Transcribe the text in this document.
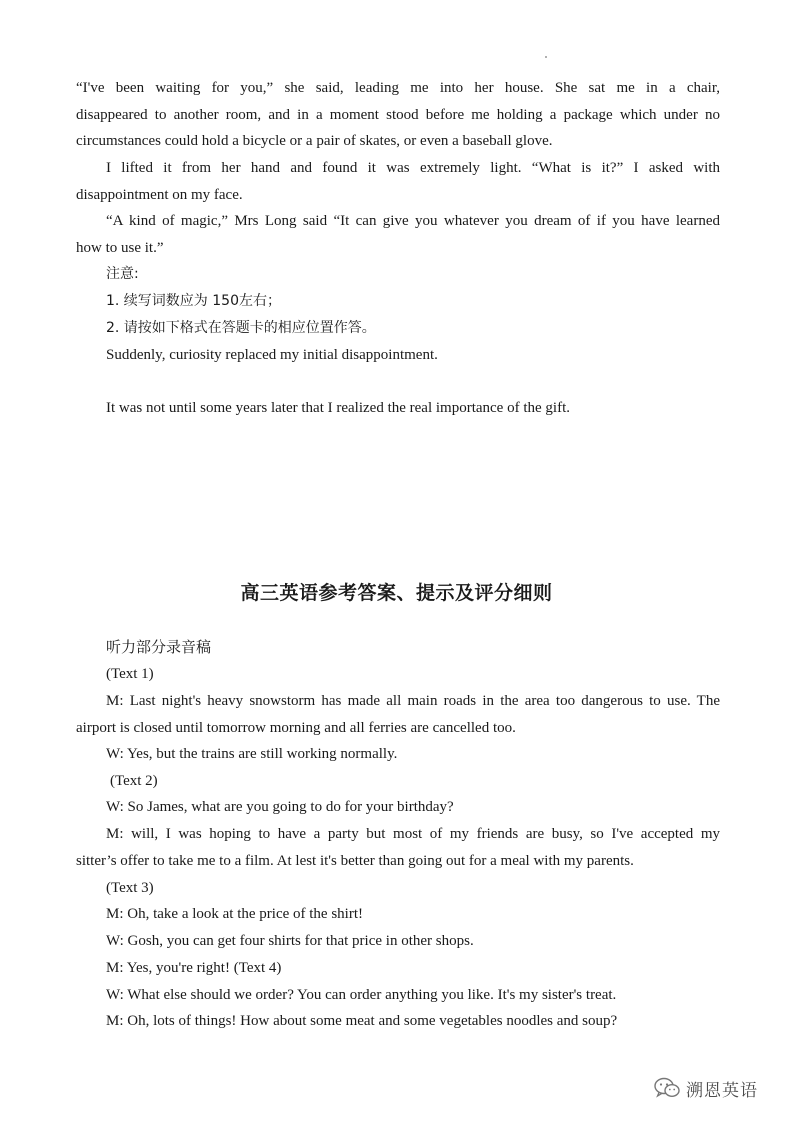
“I've been waiting for you,” she said, leading me into her house. She sat me in a chair,
disappeared to another room, and in a moment stood before me holding a package which under no
circumstances could hold a bicycle or a pair of skates, or even a baseball glove.
I lifted it from her hand and found it was extremely light. “What is it?” I asked with
disappointment on my face.
“A kind of magic,” Mrs Long said “It can give you whatever you dream of if you have learned
how to use it.”
注意:
1. 续写词数应为 150左右；
2. 请按如下格式在答题卡的相应位置作答。
Suddenly, curiosity replaced my initial disappointment.
It was not until some years later that I realized the real importance of the gift.
高三英语参考答案、提示及评分细则
听力部分录音稿
(Text 1)
M: Last night's heavy snowstorm has made all main roads in the area too dangerous to use. The
airport is closed until tomorrow morning and all ferries are cancelled too.
W: Yes, but the trains are still working normally.
(Text 2)
W: So James, what are you going to do for your birthday?
M: will, I was hoping to have a party but most of my friends are busy, so I've accepted my
sitter’s offer to take me to a film. At lest it's better than going out for a meal with my parents.
(Text 3)
M: Oh, take a look at the price of the shirt!
W: Gosh, you can get four shirts for that price in other shops.
M: Yes, you're right! (Text 4)
W: What else should we order? You can order anything you like. It's my sister's treat.
M: Oh, lots of things! How about some meat and some vegetables noodles and soup?
溯恩英语
